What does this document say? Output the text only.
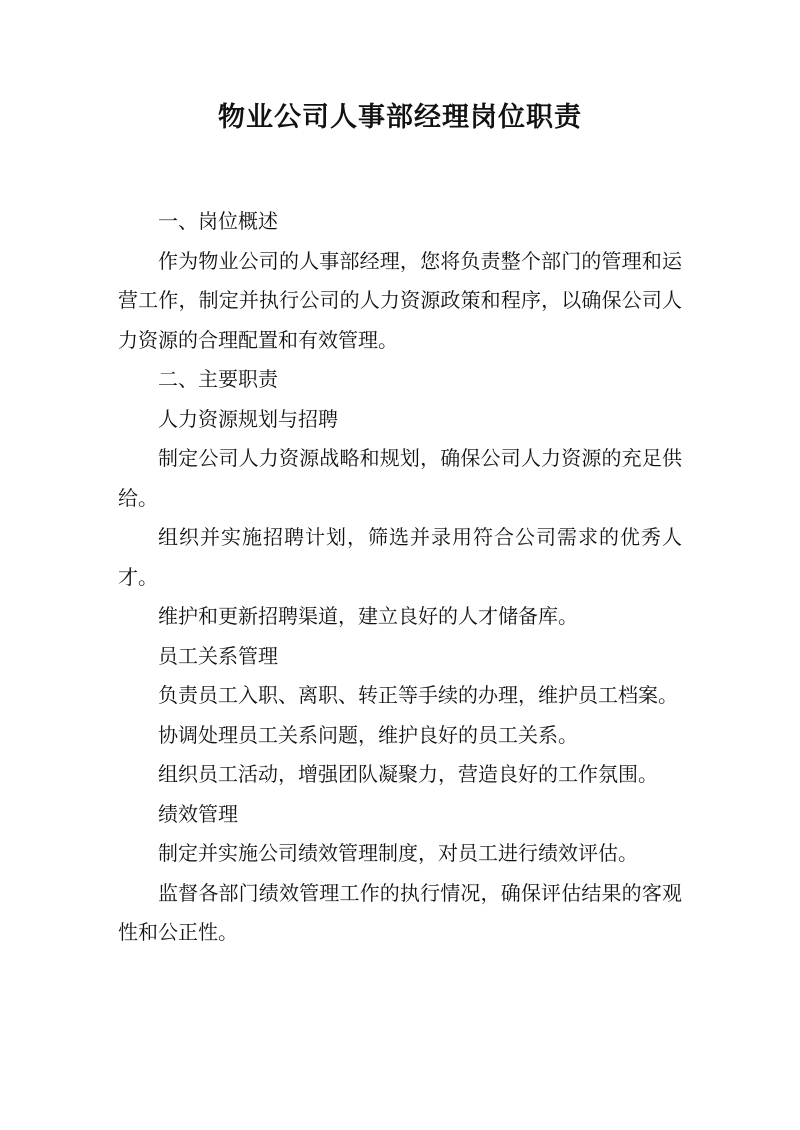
物业公司人事部经理岗位职责

一、岗位概述

作为物业公司的人事部经理，您将负责整个部门的管理和运营工作，制定并执行公司的人力资源政策和程序，以确保公司人力资源的合理配置和有效管理。

二、主要职责

人力资源规划与招聘

制定公司人力资源战略和规划，确保公司人力资源的充足供给。

组织并实施招聘计划，筛选并录用符合公司需求的优秀人才。

维护和更新招聘渠道，建立良好的人才储备库。

员工关系管理

负责员工入职、离职、转正等手续的办理，维护员工档案。

协调处理员工关系问题，维护良好的员工关系。

组织员工活动，增强团队凝聚力，营造良好的工作氛围。

绩效管理

制定并实施公司绩效管理制度，对员工进行绩效评估。

监督各部门绩效管理工作的执行情况，确保评估结果的客观性和公正性。
